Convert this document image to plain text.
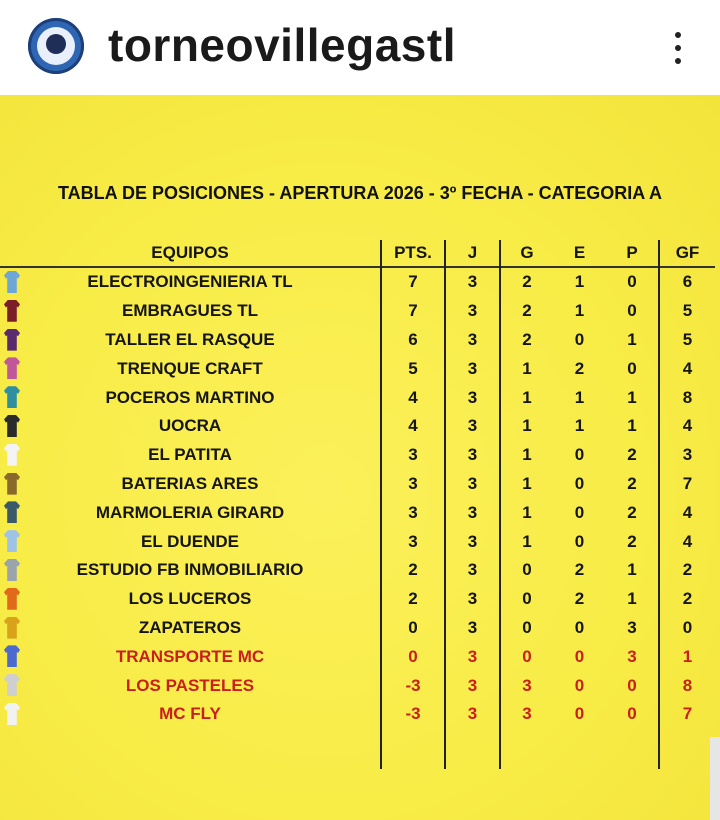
torneovillegastl
TABLA DE POSICIONES - APERTURA 2026 - 3º FECHA - CATEGORIA A
EQUIPOS	PTS.	J	G	E	P	GF

ELECTROINGENIERIA TL	7	3	2	1	0	6

EMBRAGUES TL	7	3	2	1	0	5

TALLER EL RASQUE	6	3	2	0	1	5

TRENQUE CRAFT	5	3	1	2	0	4

POCEROS MARTINO	4	3	1	1	1	8

UOCRA	4	3	1	1	1	4

EL PATITA	3	3	1	0	2	3

BATERIAS ARES	3	3	1	0	2	7

MARMOLERIA GIRARD	3	3	1	0	2	4

EL DUENDE	3	3	1	0	2	4

ESTUDIO FB INMOBILIARIO	2	3	0	2	1	2

LOS LUCEROS	2	3	0	2	1	2

ZAPATEROS	0	3	0	0	3	0

TRANSPORTE MC	0	3	0	0	3	1

LOS PASTELES	-3	3	3	0	0	8

MC FLY	-3	3	3	0	0	7
